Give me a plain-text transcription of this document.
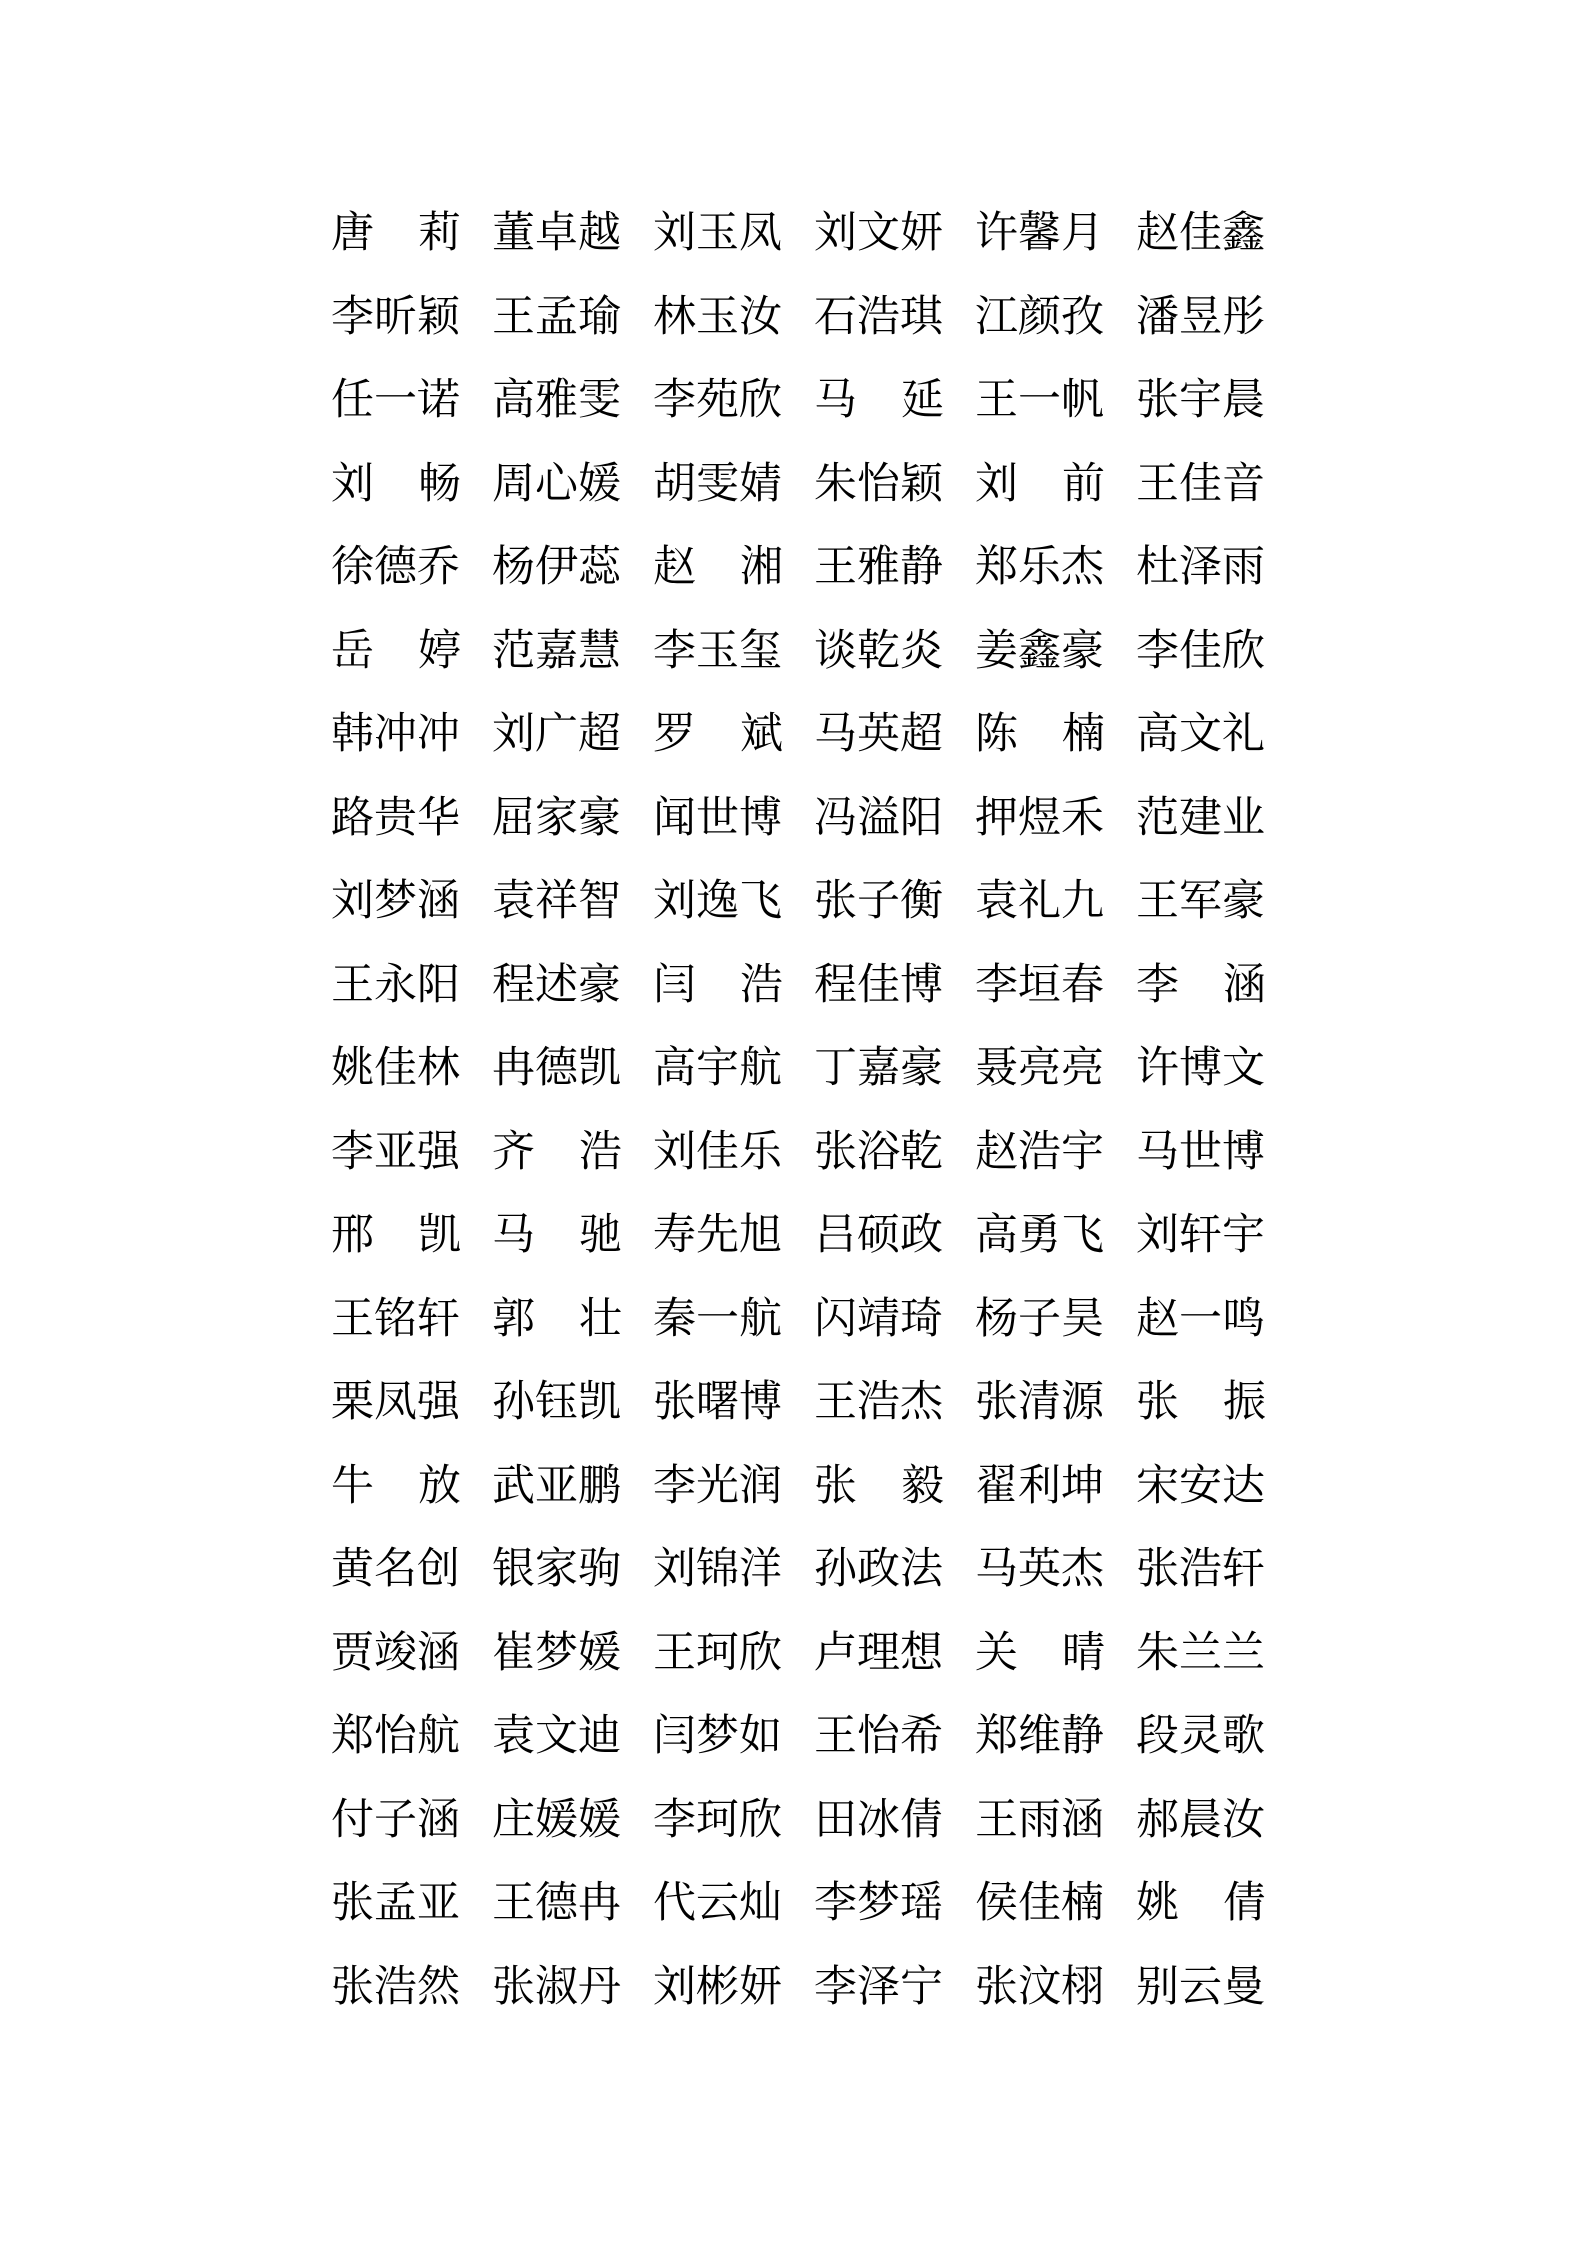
唐　莉 董卓越 刘玉凤 刘文妍 许馨月 赵佳鑫
李昕颖 王孟瑜 林玉汝 石浩琪 江颜孜 潘昱彤
任一诺 高雅雯 李苑欣 马　延 王一帆 张宇晨
刘　畅 周心媛 胡雯婧 朱怡颖 刘　前 王佳音
徐德乔 杨伊蕊 赵　湘 王雅静 郑乐杰 杜泽雨
岳　婷 范嘉慧 李玉玺 谈乾炎 姜鑫豪 李佳欣
韩冲冲 刘广超 罗　斌 马英超 陈　楠 高文礼
路贵华 屈家豪 闻世博 冯溢阳 押煜禾 范建业
刘梦涵 袁祥智 刘逸飞 张子衡 袁礼九 王军豪
王永阳 程述豪 闫　浩 程佳博 李垣春 李　涵
姚佳林 冉德凯 高宇航 丁嘉豪 聂亮亮 许博文
李亚强 齐　浩 刘佳乐 张浴乾 赵浩宇 马世博
邢　凯 马　驰 寿先旭 吕硕政 高勇飞 刘轩宇
王铭轩 郭　壮 秦一航 闪靖琦 杨子昊 赵一鸣
栗凤强 孙钰凯 张曙博 王浩杰 张清源 张　振
牛　放 武亚鹏 李光润 张　毅 翟利坤 宋安达
黄名创 银家驹 刘锦洋 孙政法 马英杰 张浩轩
贾竣涵 崔梦媛 王珂欣 卢理想 关　晴 朱兰兰
郑怡航 袁文迪 闫梦如 王怡希 郑维静 段灵歌
付子涵 庄媛媛 李珂欣 田冰倩 王雨涵 郝晨汝
张孟亚 王德冉 代云灿 李梦瑶 侯佳楠 姚　倩
张浩然 张淑丹 刘彬妍 李泽宁 张汶栩 别云曼
